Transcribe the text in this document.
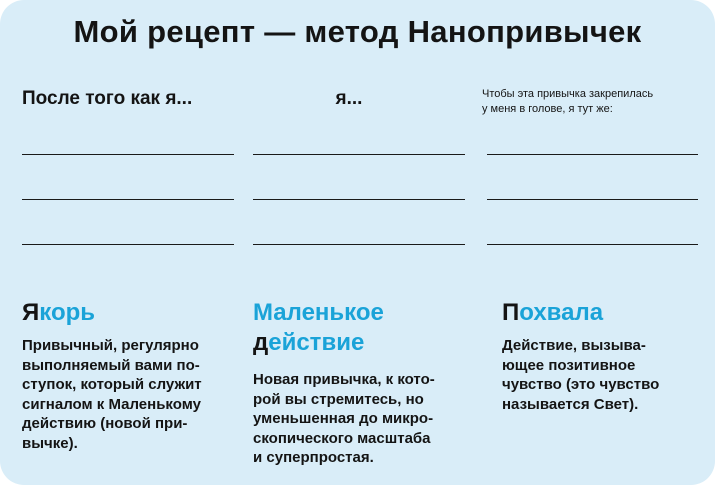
Мой рецепт — метод Нанопривычек
После того как я...
Якорь
Привычный, регулярно
выполняемый вами по-
ступок, который служит
сигналом к Маленькому
действию (новой при-
вычке).
я...
Маленькое
действие
Новая привычка, к кото-
рой вы стремитесь, но
уменьшенная до микро-
скопического масштаба
и суперпростая.
Чтобы эта привычка закрепилась
у меня в голове, я тут же:
Похвала
Действие, вызыва-
ющее позитивное
чувство (это чувство
называется Свет).
